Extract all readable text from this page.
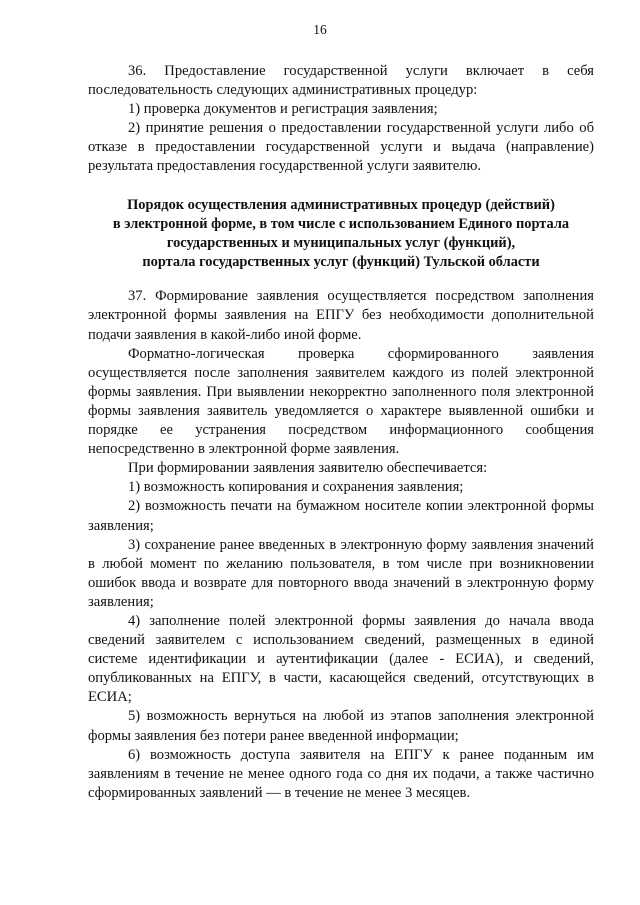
16

36. Предоставление государственной услуги включает в себя последовательность следующих административных процедур:

1) проверка документов и регистрация заявления;

2) принятие решения о предоставлении государственной услуги либо об отказе в предоставлении государственной услуги и выдача (направление) результата предоставления государственной услуги заявителю.

Порядок осуществления административных процедур (действий)
в электронной форме, в том числе с использованием Единого портала
государственных и муниципальных услуг (функций),
портала государственных услуг (функций) Тульской области

37. Формирование заявления осуществляется посредством заполнения электронной формы заявления на ЕПГУ без необходимости дополнительной подачи заявления в какой-либо иной форме.

Форматно-логическая проверка сформированного заявления осуществляется после заполнения заявителем каждого из полей электронной формы заявления. При выявлении некорректно заполненного поля электронной формы заявления заявитель уведомляется о характере выявленной ошибки и порядке ее устранения посредством информационного сообщения непосредственно в электронной форме заявления.

При формировании заявления заявителю обеспечивается:

1) возможность копирования и сохранения заявления;

2) возможность печати на бумажном носителе копии электронной формы заявления;

3) сохранение ранее введенных в электронную форму заявления значений в любой момент по желанию пользователя, в том числе при возникновении ошибок ввода и возврате для повторного ввода значений в электронную форму заявления;

4) заполнение полей электронной формы заявления до начала ввода сведений заявителем с использованием сведений, размещенных в единой системе идентификации и аутентификации (далее - ЕСИА), и сведений, опубликованных на ЕПГУ, в части, касающейся сведений, отсутствующих в ЕСИА;

5) возможность вернуться на любой из этапов заполнения электронной формы заявления без потери ранее введенной информации;

6) возможность доступа заявителя на ЕПГУ к ранее поданным им заявлениям в течение не менее одного года со дня их подачи, а также частично сформированных заявлений — в течение не менее 3 месяцев.
